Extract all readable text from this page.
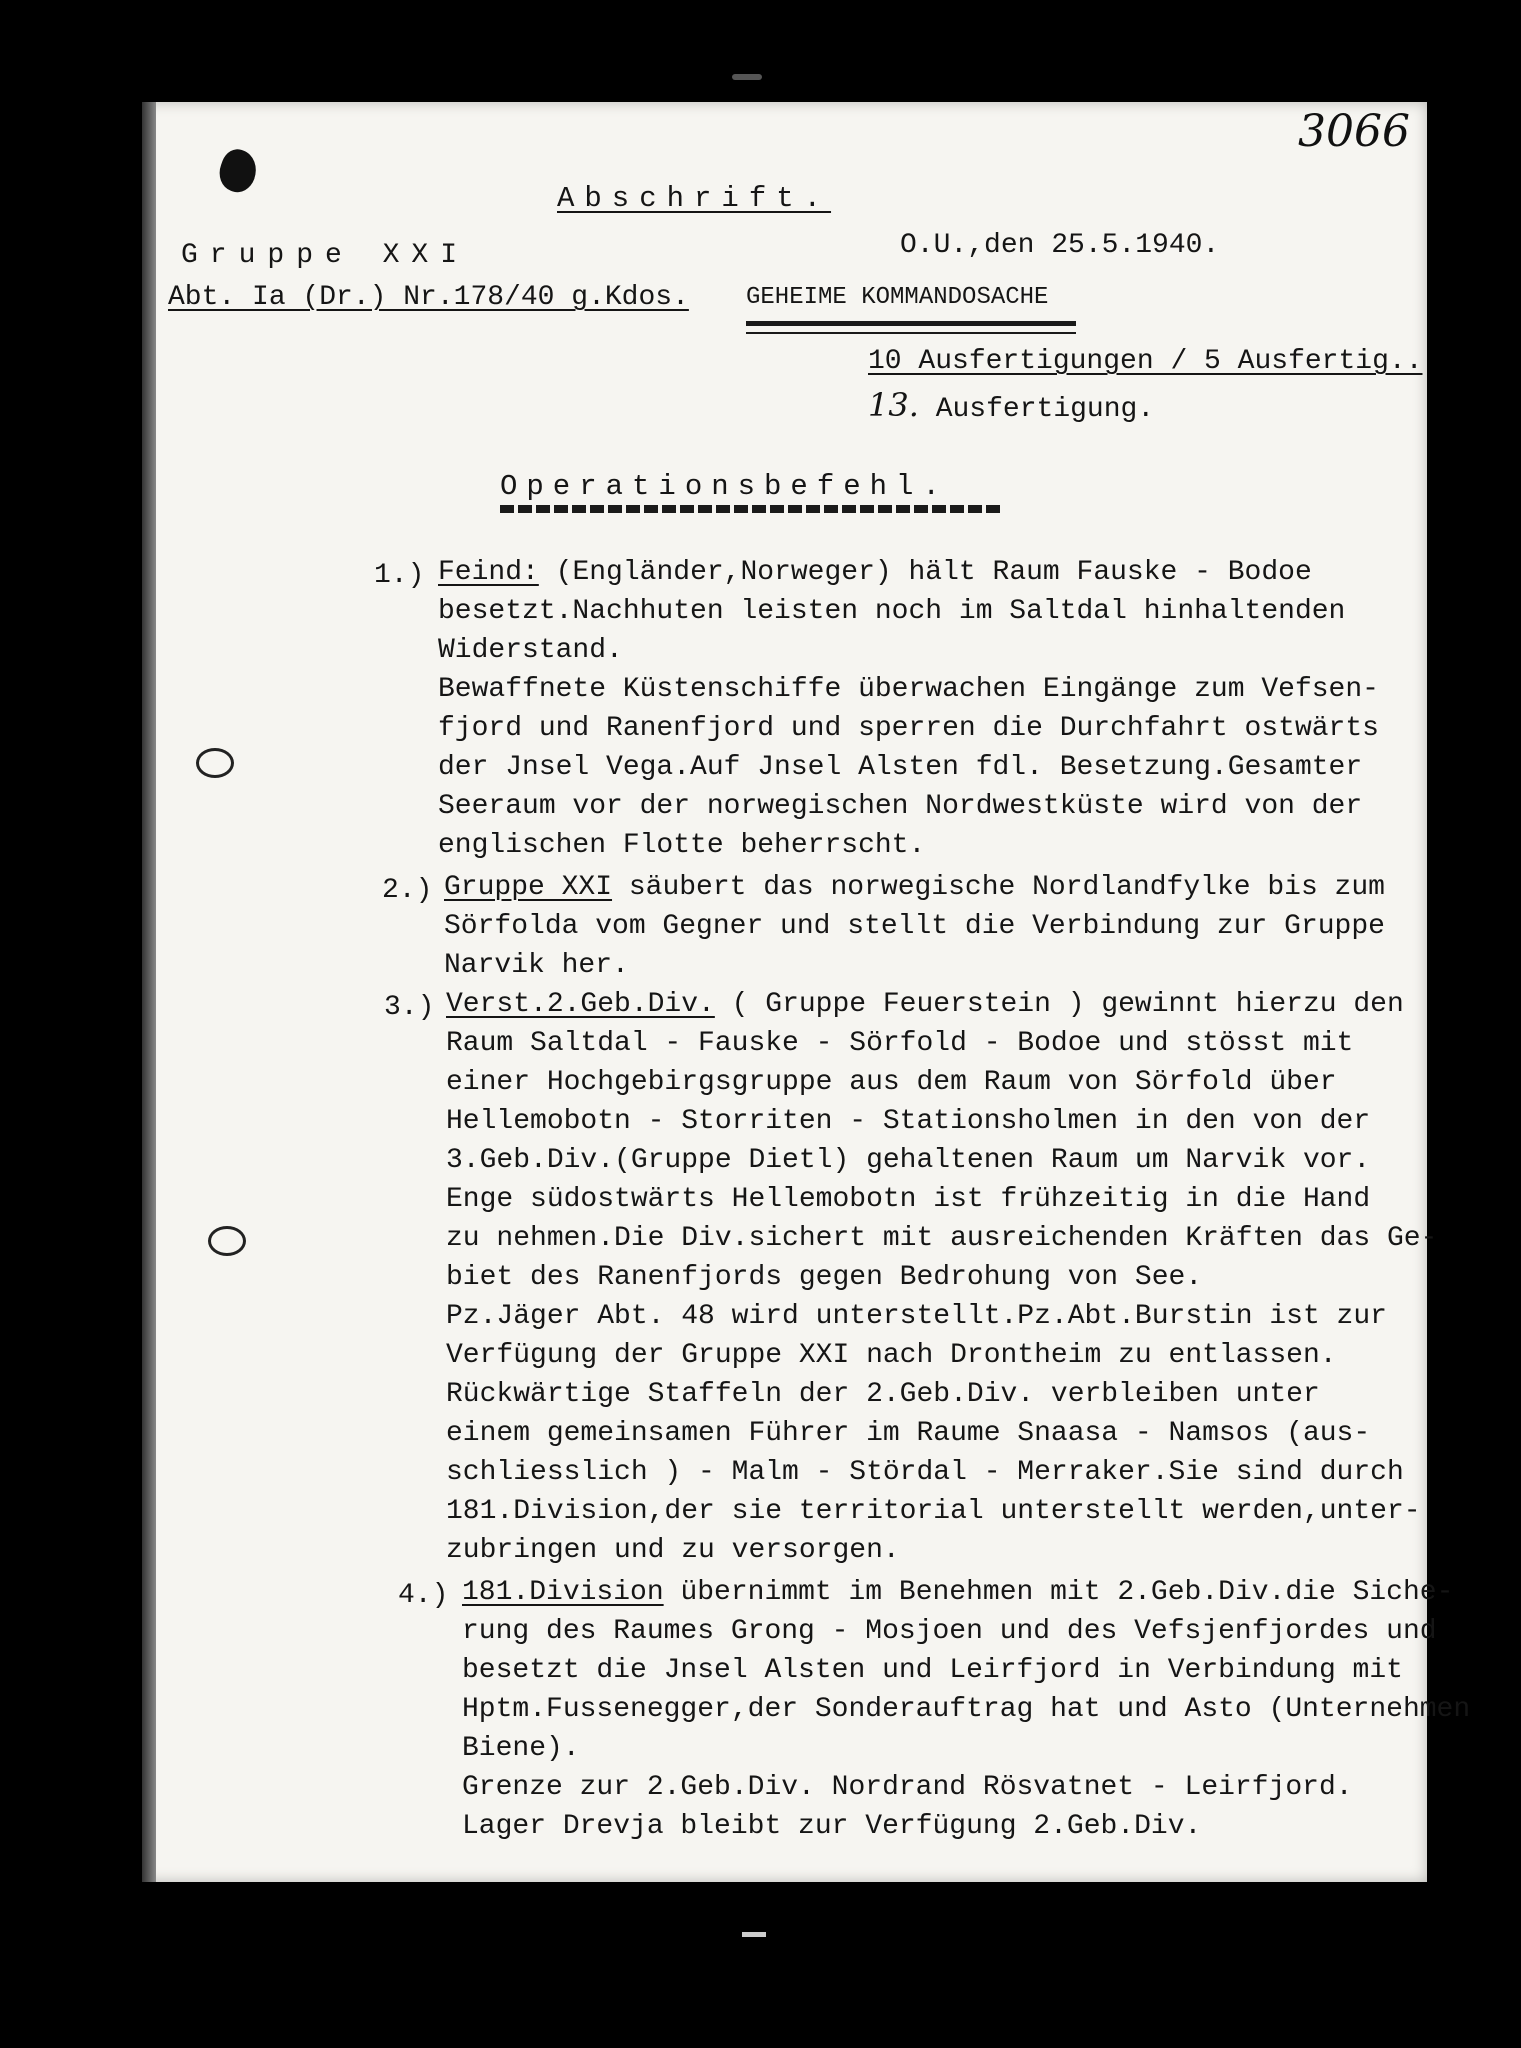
3066
Abschrift.
Gruppe XXI
Abt. Ia (Dr.) Nr.178/40 g.Kdos.
O.U.,den 25.5.1940.
GEHEIME KOMMANDOSACHE
10 Ausfertigungen / 5 Ausfertig..
13. Ausfertigung.
Operationsbefehl.
1.) Feind: (Engländer,Norweger) hält Raum Fauske - Bodoe
besetzt.Nachhuten leisten noch im Saltdal hinhaltenden
Widerstand.
Bewaffnete Küstenschiffe überwachen Eingänge zum Vefsen-
fjord und Ranenfjord und sperren die Durchfahrt ostwärts
der Jnsel Vega.Auf Jnsel Alsten fdl. Besetzung.Gesamter
Seeraum vor der norwegischen Nordwestküste wird von der
englischen Flotte beherrscht.
2.) Gruppe XXI säubert das norwegische Nordlandfylke bis zum
Sörfolda vom Gegner und stellt die Verbindung zur Gruppe
Narvik her.
3.) Verst.2.Geb.Div. ( Gruppe Feuerstein ) gewinnt hierzu den
Raum Saltdal - Fauske - Sörfold - Bodoe und stösst mit
einer Hochgebirgsgruppe aus dem Raum von Sörfold über
Hellemobotn - Storriten - Stationsholmen in den von der
3.Geb.Div.(Gruppe Dietl) gehaltenen Raum um Narvik vor.
Enge südostwärts Hellemobotn ist frühzeitig in die Hand
zu nehmen.Die Div.sichert mit ausreichenden Kräften das Ge-
biet des Ranenfjords gegen Bedrohung von See.
Pz.Jäger Abt. 48 wird unterstellt.Pz.Abt.Burstin ist zur
Verfügung der Gruppe XXI nach Drontheim zu entlassen.
Rückwärtige Staffeln der 2.Geb.Div. verbleiben unter
einem gemeinsamen Führer im Raume Snaasa - Namsos (aus-
schliesslich ) - Malm - Stördal - Merraker.Sie sind durch
181.Division,der sie territorial unterstellt werden,unter-
zubringen und zu versorgen.
4.) 181.Division übernimmt im Benehmen mit 2.Geb.Div.die Siche-
rung des Raumes Grong - Mosjoen und des Vefsjenfjordes und
besetzt die Jnsel Alsten und Leirfjord in Verbindung mit
Hptm.Fussenegger,der Sonderauftrag hat und Asto (Unternehmen
Biene).
Grenze zur 2.Geb.Div. Nordrand Rösvatnet - Leirfjord.
Lager Drevja bleibt zur Verfügung 2.Geb.Div.
